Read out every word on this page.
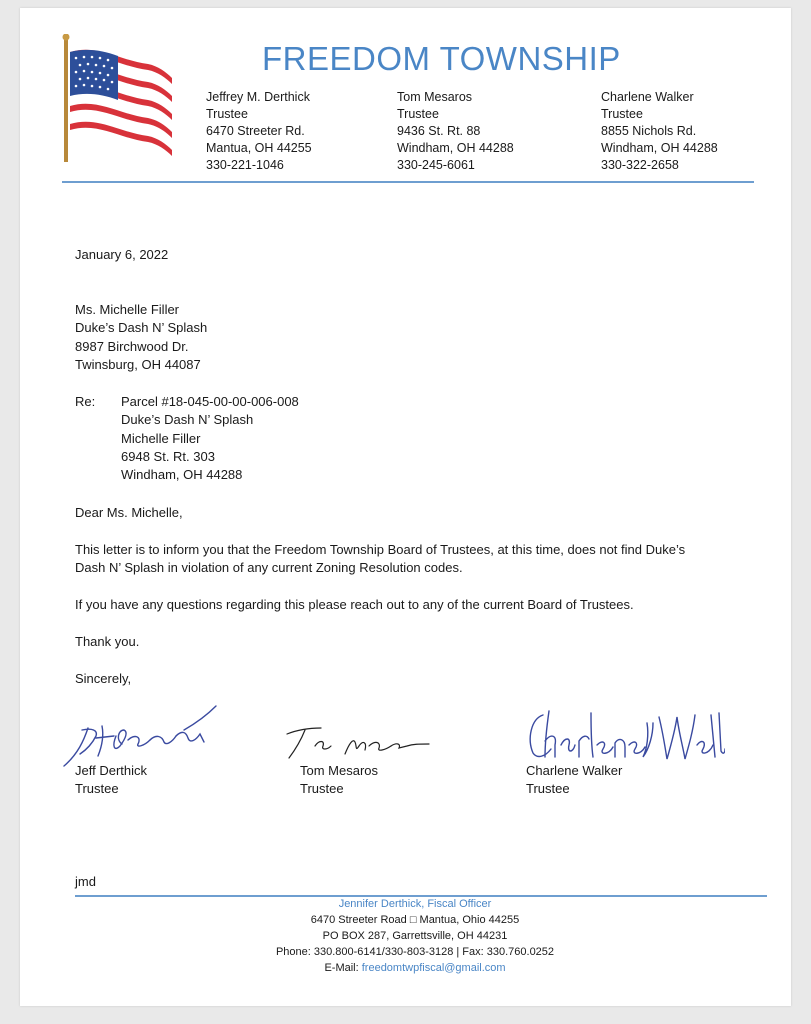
FREEDOM TOWNSHIP
Jeffrey M. Derthick
Trustee
6470 Streeter Rd.
Mantua, OH 44255
330-221-1046
Tom Mesaros
Trustee
9436 St. Rt. 88
Windham, OH 44288
330-245-6061
Charlene Walker
Trustee
8855 Nichols Rd.
Windham, OH 44288
330-322-2658
January 6, 2022
Ms. Michelle Filler
Duke’s Dash N’ Splash
8987 Birchwood Dr.
Twinsburg, OH 44087
Re: Parcel #18-045-00-00-006-008
Duke’s Dash N’ Splash
Michelle Filler
6948 St. Rt. 303
Windham, OH 44288
Dear Ms. Michelle,
This letter is to inform you that the Freedom Township Board of Trustees, at this time, does not find Duke’s
Dash N’ Splash in violation of any current Zoning Resolution codes.
If you have any questions regarding this please reach out to any of the current Board of Trustees.
Thank you.
Sincerely,
Jeff Derthick
Trustee
Tom Mesaros
Trustee
Charlene Walker
Trustee
jmd
Jennifer Derthick, Fiscal Officer
6470 Streeter Road □ Mantua, Ohio 44255
PO BOX 287, Garrettsville, OH 44231
Phone: 330.800-6141/330-803-3128 | Fax: 330.760.0252
E-Mail: freedomtwpfiscal@gmail.com
